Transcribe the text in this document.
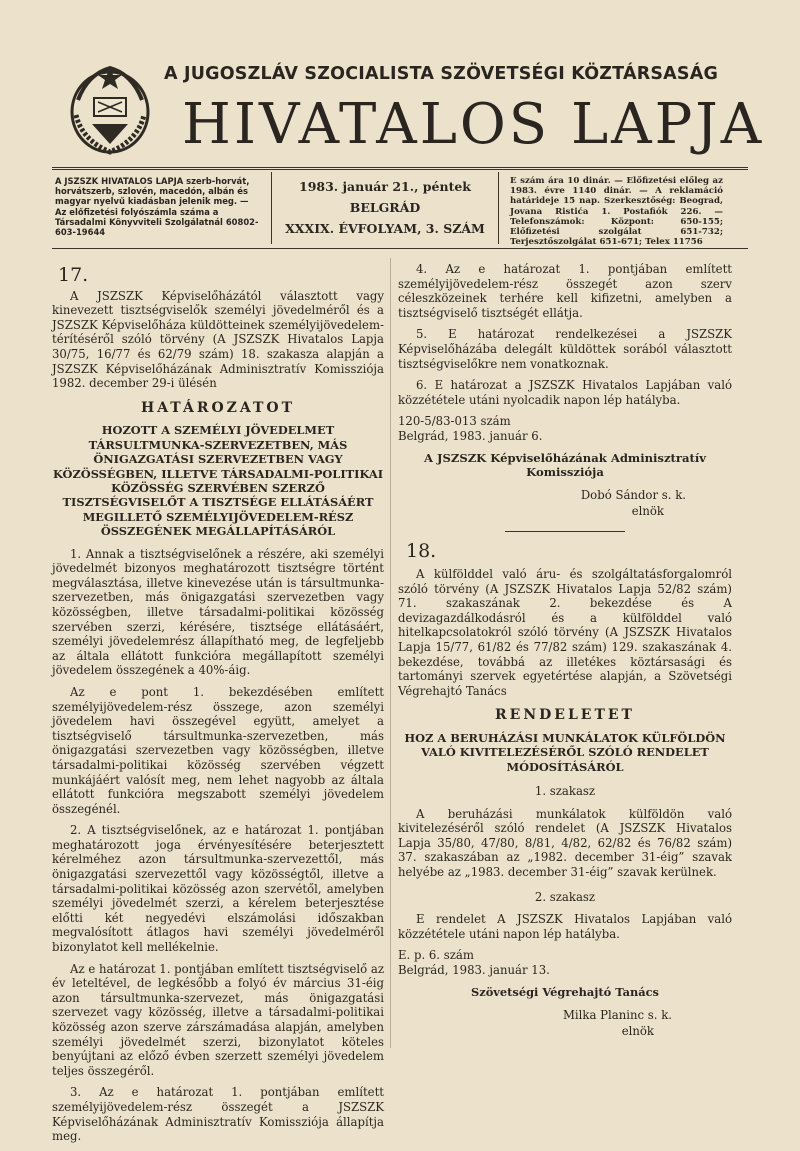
A JUGOSZLÁV SZOCIALISTA SZÖVETSÉGI KÖZTÁRSASÁG
HIVATALOS LAPJA
A JSZSZK HIVATALOS LAPJA szerb-horvát, horvátszerb, szlovén, macedón, albán és magyar nyelvű kiadásban jelenik meg. — Az előfizetési folyószámla száma a Társadalmi Könyvviteli Szolgálatnál 60802-603-19644
1983. január 21., péntek
BELGRÁD
XXXIX. ÉVFOLYAM, 3. SZÁM
E szám ára 10 dinár. — Előfizetési előleg az 1983. évre 1140 dinár. — A reklamáció határideje 15 nap. Szerkesztőség: Beograd, Jovana Ristića 1. Postafiók 226. — Telefonszámok: Központ: 650-155; Előfizetési szolgálat 651-732; Terjesztőszolgálat 651-671; Telex 11756
17.

A JSZSZK Képviselőházától választott vagy kinevezett tisztségviselők személyi jövedelméről és a JSZSZK Képviselőháza küldötteinek személyijövedelem-térítéséről szóló törvény (A JSZSZK Hivatalos Lapja 30/75, 16/77 és 62/79 szám) 18. szakasza alapján a JSZSZK Képviselőházának Adminisztratív Komissziója 1982. december 29-i ülésén

HATÁROZATOT
HOZOTT A SZEMÉLYI JÖVEDELMET TÁRSULTMUNKA-SZERVEZETBEN, MÁS ÖNIGAZGATÁSI SZERVEZETBEN VAGY KÖZÖSSÉGBEN, ILLETVE TÁRSADALMI-POLITIKAI KÖZÖSSÉG SZERVÉBEN SZERZŐ TISZTSÉGVISELŐT A TISZTSÉGE ELLÁTÁSÁÉRT MEGILLETŐ SZEMÉLYIJÖVEDELEM-RÉSZ ÖSSZEGÉNEK MEGÁLLAPÍTÁSÁRÓL

1. Annak a tisztségviselőnek a részére, aki személyi jövedelmét bizonyos meghatározott tisztségre történt megválasztása, illetve kinevezése után is társultmunka-szervezetben, más önigazgatási szervezetben vagy közösségben, illetve társadalmi-politikai közösség szervében szerzi, kérésére, tisztsége ellátásáért, személyi jövedelemrész állapítható meg, de legfeljebb az általa ellátott funkcióra megállapított személyi jövedelem összegének a 40%-áig.

Az e pont 1. bekezdésében említett személyijövedelem-rész összege, azon személyi jövedelem havi összegével együtt, amelyet a tisztségviselő társultmunka-szervezetben, más önigazgatási szervezetben vagy közösségben, illetve társadalmi-politikai közösség szervében végzett munkájáért valósít meg, nem lehet nagyobb az általa ellátott funkcióra megszabott személyi jövedelem összegénél.

2. A tisztségviselőnek, az e határozat 1. pontjában meghatározott joga érvényesítésére beterjesztett kérelméhez azon társultmunka-szervezettől, más önigazgatási szervezettől vagy közösségtől, illetve a társadalmi-politikai közösség azon szervétől, amelyben személyi jövedelmét szerzi, a kérelem beterjesztése előtti két negyedévi elszámolási időszakban megvalósított átlagos havi személyi jövedelméről bizonylatot kell mellékelnie.

Az e határozat 1. pontjában említett tisztségviselő az év leteltével, de legkésőbb a folyó év március 31-éig azon társultmunka-szervezet, más önigazgatási szervezet vagy közösség, illetve a társadalmi-politikai közösség azon szerve zárszámadása alapján, amelyben személyi jövedelmét szerzi, bizonylatot köteles benyújtani az előző évben szerzett személyi jövedelem teljes összegéről.

3. Az e határozat 1. pontjában említett személyijövedelem-rész összegét a JSZSZK Képviselőházának Adminisztratív Komissziója állapítja meg.

4. Az e határozat 1. pontjában említett személyijövedelem-rész összegét azon szerv céleszközeinek terhére kell kifizetni, amelyben a tisztségviselő tisztségét ellátja.

5. E határozat rendelkezései a JSZSZK Képviselőházába delegált küldöttek sorából választott tisztségviselőkre nem vonatkoznak.

6. E határozat a JSZSZK Hivatalos Lapjában való közzététele utáni nyolcadik napon lép hatályba.

120-5/83-013 szám

Belgrád, 1983. január 6.

A JSZSZK Képviselőházának Adminisztratív Komissziója
Dobó Sándor s. k.
elnök
18.

A külfölddel való áru- és szolgáltatásforgalomról szóló törvény (A JSZSZK Hivatalos Lapja 52/82 szám) 71. szakaszának 2. bekezdése és A devizagazdálkodásról és a külfölddel való hitelkapcsolatokról szóló törvény (A JSZSZK Hivatalos Lapja 15/77, 61/82 és 77/82 szám) 129. szakaszának 4. bekezdése, továbbá az illetékes köztársasági és tartományi szervek egyetértése alapján, a Szövetségi Végrehajtó Tanács

RENDELETET
HOZ A BERUHÁZÁSI MUNKÁLATOK KÜLFÖLDÖN VALÓ KIVITELEZÉSÉRŐL SZÓLÓ RENDELET MÓDOSÍTÁSÁRÓL
1. szakasz

A beruházási munkálatok külföldön való kivitelezéséről szóló rendelet (A JSZSZK Hivatalos Lapja 35/80, 47/80, 8/81, 4/82, 62/82 és 76/82 szám) 37. szakaszában az „1982. december 31-éig” szavak helyébe az „1983. december 31-éig” szavak kerülnek.

2. szakasz

E rendelet A JSZSZK Hivatalos Lapjában való közzététele utáni napon lép hatályba.

E. p. 6. szám

Belgrád, 1983. január 13.

Szövetségi Végrehajtó Tanács
Milka Planinc s. k.
elnök
